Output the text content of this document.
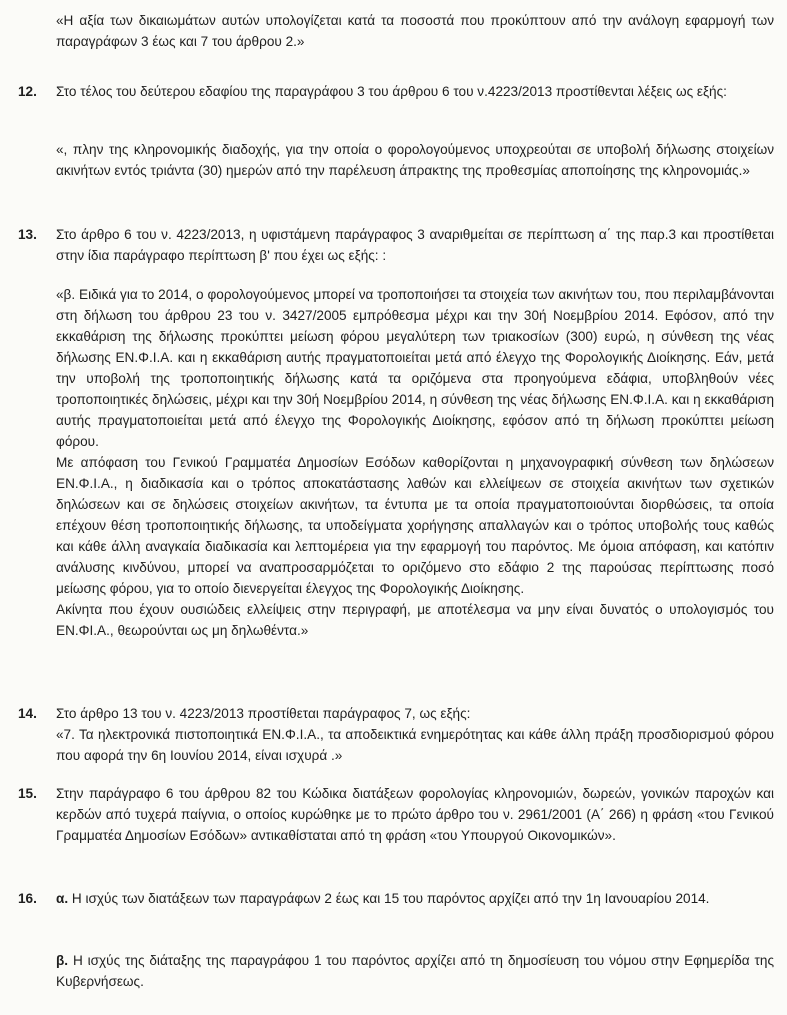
«Η αξία των δικαιωμάτων αυτών υπολογίζεται κατά τα ποσοστά που προκύπτουν από την ανάλογη εφαρμογή των παραγράφων 3 έως και 7 του άρθρου 2.»

12.	Στο τέλος του δεύτερου εδαφίου της παραγράφου 3 του άρθρου 6 του ν.4223/2013 προστίθενται λέξεις ως εξής:

«, πλην της κληρονομικής διαδοχής, για την οποία ο φορολογούμενος υποχρεούται σε υποβολή δήλωσης στοιχείων ακινήτων εντός τριάντα (30) ημερών από την παρέλευση άπρακτης της προθεσμίας αποποίησης της κληρονομιάς.»

13.	Στο άρθρο 6 του ν. 4223/2013, η υφιστάμενη παράγραφος 3 αναριθμείται σε περίπτωση α΄ της παρ.3 και προστίθεται στην ίδια παράγραφο περίπτωση β' που έχει ως εξής: :

«β. Ειδικά για το 2014, ο φορολογούμενος μπορεί να τροποποιήσει τα στοιχεία των ακινήτων του, που περιλαμβάνονται στη δήλωση του άρθρου 23 του ν. 3427/2005 εμπρόθεσμα μέχρι και την 30ή Νοεμβρίου 2014. Εφόσον, από την εκκαθάριση της δήλωσης προκύπτει μείωση φόρου μεγαλύτερη των τριακοσίων (300) ευρώ, η σύνθεση της νέας δήλωσης ΕΝ.Φ.Ι.Α. και η εκκαθάριση αυτής πραγματοποιείται μετά από έλεγχο της Φορολογικής Διοίκησης. Εάν, μετά την υποβολή της τροποποιητικής δήλωσης κατά τα οριζόμενα στα προηγούμενα εδάφια, υποβληθούν νέες τροποποιητικές δηλώσεις, μέχρι και την 30ή Νοεμβρίου 2014, η σύνθεση της νέας δήλωσης ΕΝ.Φ.Ι.Α. και η εκκαθάριση αυτής πραγματοποιείται μετά από έλεγχο της Φορολογικής Διοίκησης, εφόσον από τη δήλωση προκύπτει μείωση φόρου.

Με απόφαση του Γενικού Γραμματέα Δημοσίων Εσόδων καθορίζονται η μηχανογραφική σύνθεση των δηλώσεων ΕΝ.Φ.Ι.Α., η διαδικασία και ο τρόπος αποκατάστασης λαθών και ελλείψεων σε στοιχεία ακινήτων των σχετικών δηλώσεων και σε δηλώσεις στοιχείων ακινήτων, τα έντυπα με τα οποία πραγματοποιούνται διορθώσεις, τα οποία επέχουν θέση τροποποιητικής δήλωσης, τα υποδείγματα χορήγησης απαλλαγών και ο τρόπος υποβολής τους καθώς και κάθε άλλη αναγκαία διαδικασία και λεπτομέρεια για την εφαρμογή του παρόντος. Με όμοια απόφαση, και κατόπιν ανάλυσης κινδύνου, μπορεί να αναπροσαρμόζεται το οριζόμενο στο εδάφιο 2 της παρούσας περίπτωσης ποσό μείωσης φόρου, για το οποίο διενεργείται έλεγχος της Φορολογικής Διοίκησης.

Ακίνητα που έχουν ουσιώδεις ελλείψεις στην περιγραφή, με αποτέλεσμα να μην είναι δυνατός ο υπολογισμός του ΕΝ.ΦΙ.Α., θεωρούνται ως μη δηλωθέντα.»

14.	Στο άρθρο 13 του ν. 4223/2013 προστίθεται παράγραφος 7, ως εξής:

«7. Τα ηλεκτρονικά πιστοποιητικά ΕΝ.Φ.Ι.Α., τα αποδεικτικά ενημερότητας και κάθε άλλη πράξη προσδιορισμού φόρου που αφορά την 6η Ιουνίου 2014, είναι ισχυρά .»

15.	Στην παράγραφο 6 του άρθρου 82 του Κώδικα διατάξεων φορολογίας κληρονομιών, δωρεών, γονικών παροχών και κερδών από τυχερά παίγνια, ο οποίος κυρώθηκε με το πρώτο άρθρο του ν. 2961/2001 (Α΄ 266) η φράση «του Γενικού Γραμματέα Δημοσίων Εσόδων» αντικαθίσταται από τη φράση «του Υπουργού Οικονομικών».

16.	α. Η ισχύς των διατάξεων των παραγράφων 2 έως και 15 του παρόντος αρχίζει από την 1η Ιανουαρίου 2014.

β. Η ισχύς της διάταξης της παραγράφου 1 του παρόντος αρχίζει από τη δημοσίευση του νόμου στην Εφημερίδα της Κυβερνήσεως.
